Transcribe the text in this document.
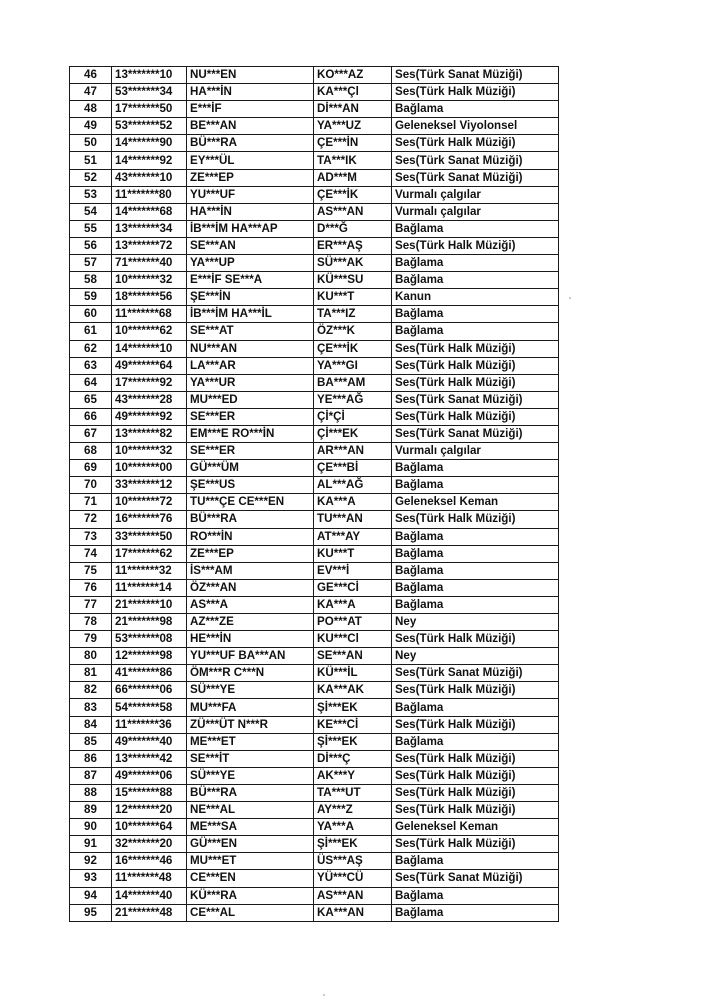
46	13*******10	NU***EN	KO***AZ	Ses(Türk Sanat Müziği)
47	53*******34	HA***İN	KA***Çl	Ses(Türk Halk Müziği)
48	17*******50	E***İF	Dİ***AN	Bağlama
49	53*******52	BE***AN	YA***UZ	Geleneksel Viyolonsel
50	14*******90	BÜ***RA	ÇE***İN	Ses(Türk Halk Müziği)
51	14*******92	EY***ÜL	TA***IK	Ses(Türk Sanat Müziği)
52	43*******10	ZE***EP	AD***M	Ses(Türk Sanat Müziği)
53	11*******80	YU***UF	ÇE***İK	Vurmalı çalgılar
54	14*******68	HA***İN	AS***AN	Vurmalı çalgılar
55	13*******34	İB***İM HA***AP	D***Ğ	Bağlama
56	13*******72	SE***AN	ER***AŞ	Ses(Türk Halk Müziği)
57	71*******40	YA***UP	SÜ***AK	Bağlama
58	10*******32	E***İF SE***A	KÜ***SU	Bağlama
59	18*******56	ŞE***İN	KU***T	Kanun
60	11*******68	İB***İM HA***İL	TA***IZ	Bağlama
61	10*******62	SE***AT	ÖZ***K	Bağlama
62	14*******10	NU***AN	ÇE***İK	Ses(Türk Halk Müziği)
63	49*******64	LA***AR	YA***GI	Ses(Türk Halk Müziği)
64	17*******92	YA***UR	BA***AM	Ses(Türk Halk Müziği)
65	43*******28	MU***ED	YE***AĞ	Ses(Türk Sanat Müziği)
66	49*******92	SE***ER	Çİ*Çİ	Ses(Türk Halk Müziği)
67	13*******82	EM***E RO***İN	Çİ***EK	Ses(Türk Sanat Müziği)
68	10*******32	SE***ER	AR***AN	Vurmalı çalgılar
69	10*******00	GÜ***ÜM	ÇE***Bİ	Bağlama
70	33*******12	ŞE***US	AL***AĞ	Bağlama
71	10*******72	TU***ÇE CE***EN	KA***A	Geleneksel Keman
72	16*******76	BÜ***RA	TU***AN	Ses(Türk Halk Müziği)
73	33*******50	RO***İN	AT***AY	Bağlama
74	17*******62	ZE***EP	KU***T	Bağlama
75	11*******32	İS***AM	EV***İ	Bağlama
76	11*******14	ÖZ***AN	GE***Cİ	Bağlama
77	21*******10	AS***A	KA***A	Bağlama
78	21*******98	AZ***ZE	PO***AT	Ney
79	53*******08	HE***İN	KU***Cl	Ses(Türk Halk Müziği)
80	12*******98	YU***UF BA***AN	SE***AN	Ney
81	41*******86	ÖM***R C***N	KÜ***İL	Ses(Türk Sanat Müziği)
82	66*******06	SÜ***YE	KA***AK	Ses(Türk Halk Müziği)
83	54*******58	MU***FA	Şİ***EK	Bağlama
84	11*******36	ZÜ***ÜT N***R	KE***Cİ	Ses(Türk Halk Müziği)
85	49*******40	ME***ET	Şİ***EK	Bağlama
86	13*******42	SE***İT	Dİ***Ç	Ses(Türk Halk Müziği)
87	49*******06	SÜ***YE	AK***Y	Ses(Türk Halk Müziği)
88	15*******88	BÜ***RA	TA***UT	Ses(Türk Halk Müziği)
89	12*******20	NE***AL	AY***Z	Ses(Türk Halk Müziği)
90	10*******64	ME***SA	YA***A	Geleneksel Keman
91	32*******20	GÜ***EN	Şİ***EK	Ses(Türk Halk Müziği)
92	16*******46	MU***ET	ÜS***AŞ	Bağlama
93	11*******48	CE***EN	YÜ***CÜ	Ses(Türk Sanat Müziği)
94	14*******40	KÜ***RA	AS***AN	Bağlama
95	21*******48	CE***AL	KA***AN	Bağlama
